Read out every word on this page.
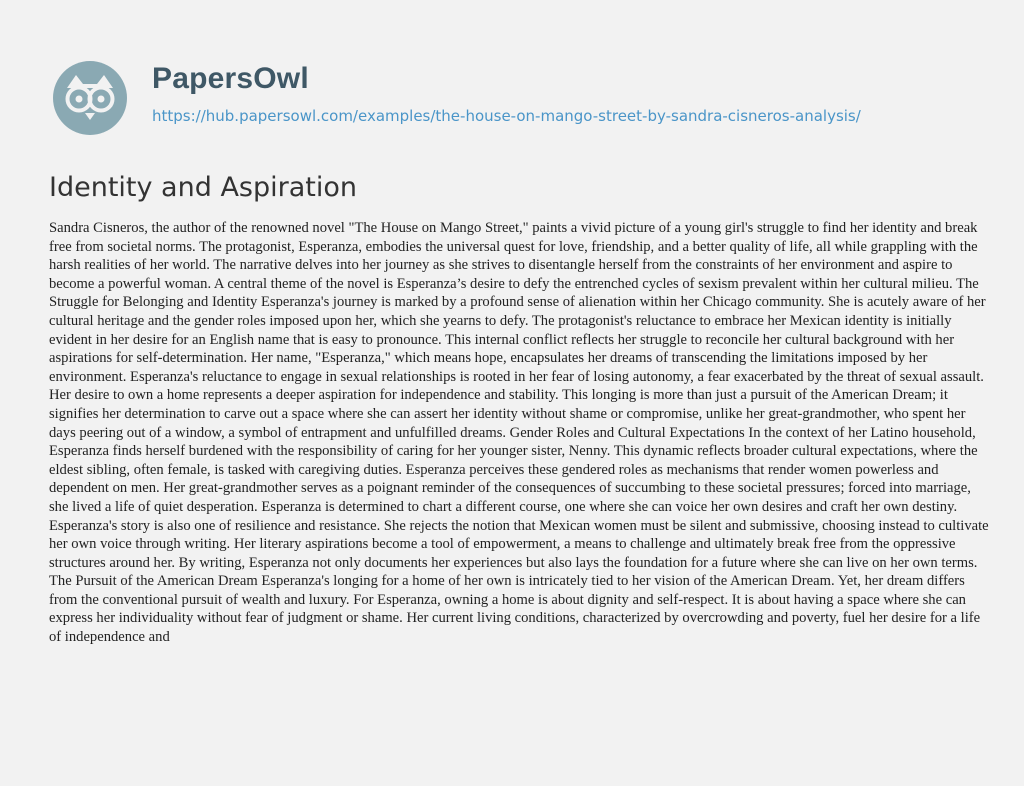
PapersOwl
https://hub.papersowl.com/examples/the-house-on-mango-street-by-sandra-cisneros-analysis/
Identity and Aspiration

Sandra Cisneros, the author of the renowned novel "The House on Mango Street," paints a vivid picture of a young girl's struggle to find her identity and break free from societal norms. The protagonist, Esperanza, embodies the universal quest for love, friendship, and a better quality of life, all while grappling with the harsh realities of her world. The narrative delves into her journey as she strives to disentangle herself from the constraints of her environment and aspire to become a powerful woman. A central theme of the novel is Esperanza’s desire to defy the entrenched cycles of sexism prevalent within her cultural milieu. The Struggle for Belonging and Identity Esperanza's journey is marked by a profound sense of alienation within her Chicago community. She is acutely aware of her cultural heritage and the gender roles imposed upon her, which she yearns to defy. The protagonist's reluctance to embrace her Mexican identity is initially evident in her desire for an English name that is easy to pronounce. This internal conflict reflects her struggle to reconcile her cultural background with her aspirations for self-determination. Her name, "Esperanza," which means hope, encapsulates her dreams of transcending the limitations imposed by her environment. Esperanza's reluctance to engage in sexual relationships is rooted in her fear of losing autonomy, a fear exacerbated by the threat of sexual assault. Her desire to own a home represents a deeper aspiration for independence and stability. This longing is more than just a pursuit of the American Dream; it signifies her determination to carve out a space where she can assert her identity without shame or compromise, unlike her great-grandmother, who spent her days peering out of a window, a symbol of entrapment and unfulfilled dreams. Gender Roles and Cultural Expectations In the context of her Latino household, Esperanza finds herself burdened with the responsibility of caring for her younger sister, Nenny. This dynamic reflects broader cultural expectations, where the eldest sibling, often female, is tasked with caregiving duties. Esperanza perceives these gendered roles as mechanisms that render women powerless and dependent on men. Her great-grandmother serves as a poignant reminder of the consequences of succumbing to these societal pressures; forced into marriage, she lived a life of quiet desperation. Esperanza is determined to chart a different course, one where she can voice her own desires and craft her own destiny. Esperanza's story is also one of resilience and resistance. She rejects the notion that Mexican women must be silent and submissive, choosing instead to cultivate her own voice through writing. Her literary aspirations become a tool of empowerment, a means to challenge and ultimately break free from the oppressive structures around her. By writing, Esperanza not only documents her experiences but also lays the foundation for a future where she can live on her own terms. The Pursuit of the American Dream Esperanza's longing for a home of her own is intricately tied to her vision of the American Dream. Yet, her dream differs from the conventional pursuit of wealth and luxury. For Esperanza, owning a home is about dignity and self-respect. It is about having a space where she can express her individuality without fear of judgment or shame. Her current living conditions, characterized by overcrowding and poverty, fuel her desire for a life of independence and
